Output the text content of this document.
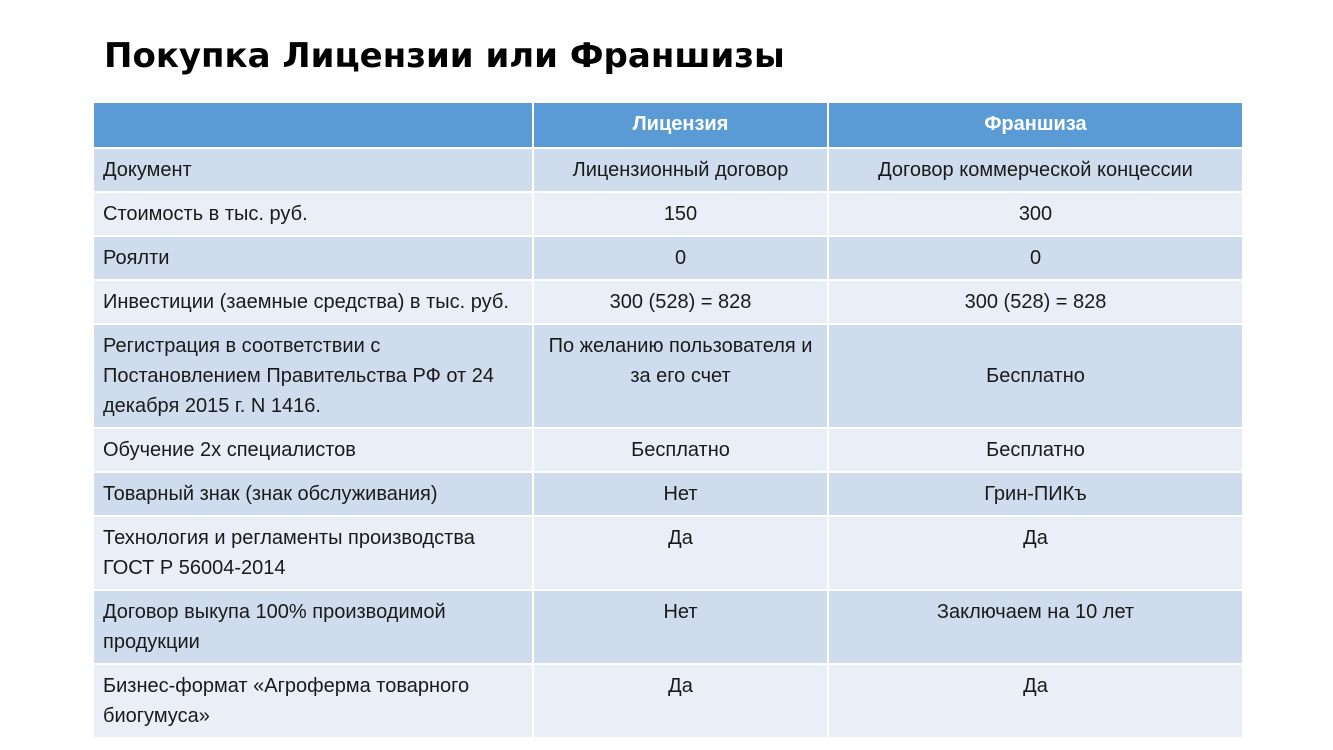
Покупка Лицензии или Франшизы
	Лицензия	Франшиза
Документ	Лицензионный договор	Договор коммерческой концессии
Стоимость в тыс. руб.	150	300
Роялти	0	0
Инвестиции (заемные средства) в тыс. руб.	300 (528) = 828	300 (528) = 828
Регистрация в соответствии с Постановлением Правительства РФ от 24 декабря 2015 г. N 1416.	По желанию пользователя и за его счет	Бесплатно
Обучение 2х специалистов	Бесплатно	Бесплатно
Товарный знак (знак обслуживания)	Нет	Грин-ПИКъ
Технология и регламенты производства ГОСТ Р 56004-2014	Да	Да
Договор выкупа 100% производимой продукции	Нет	Заключаем на 10 лет
Бизнес-формат «Агроферма товарного биогумуса»	Да	Да
